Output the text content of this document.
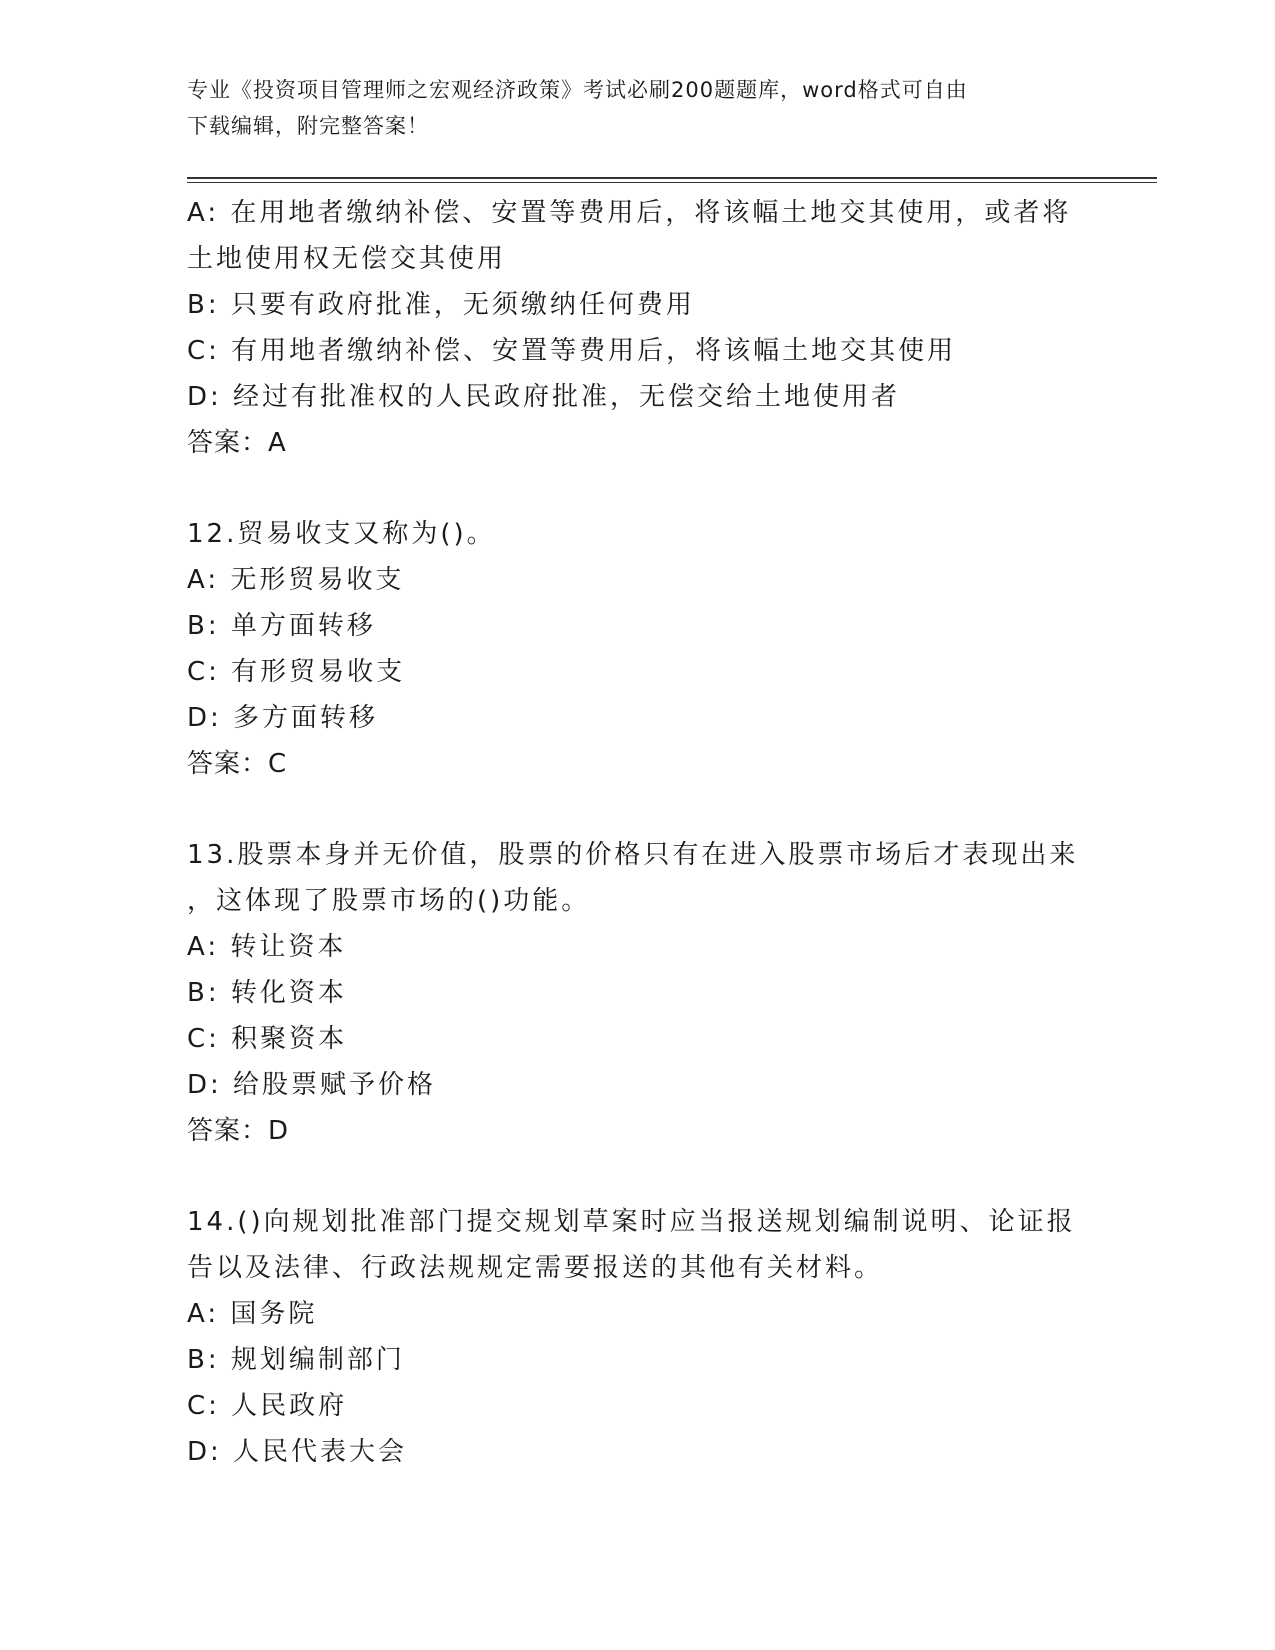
专业《投资项目管理师之宏观经济政策》考试必刷200题题库，word格式可自由
下载编辑，附完整答案！
A: 在用地者缴纳补偿、安置等费用后，将该幅土地交其使用，或者将
土地使用权无偿交其使用
B: 只要有政府批准，无须缴纳任何费用
C: 有用地者缴纳补偿、安置等费用后，将该幅土地交其使用
D: 经过有批准权的人民政府批准，无偿交给土地使用者
答案：A
12.贸易收支又称为()。
A: 无形贸易收支
B: 单方面转移
C: 有形贸易收支
D: 多方面转移
答案：C
13.股票本身并无价值，股票的价格只有在进入股票市场后才表现出来
，这体现了股票市场的()功能。
A: 转让资本
B: 转化资本
C: 积聚资本
D: 给股票赋予价格
答案：D
14.()向规划批准部门提交规划草案时应当报送规划编制说明、论证报
告以及法律、行政法规规定需要报送的其他有关材料。
A: 国务院
B: 规划编制部门
C: 人民政府
D: 人民代表大会
